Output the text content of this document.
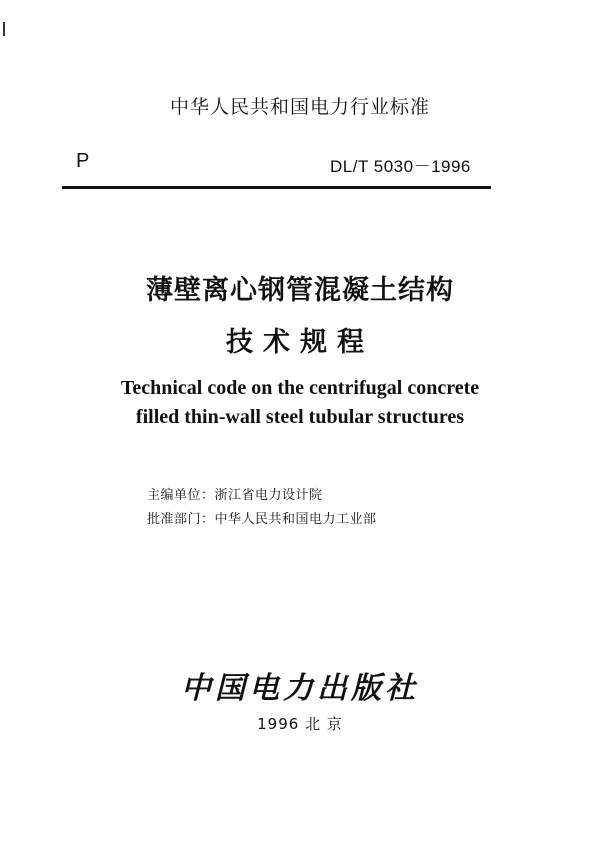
中华人民共和国电力行业标准
P	DL/T 5030－1996
薄壁离心钢管混凝土结构
技术规程
Technical code on the centrifugal concrete
filled thin-wall steel tubular structures
主编单位：浙江省电力设计院
批准部门：中华人民共和国电力工业部
中国电力出版社
1996 北 京
